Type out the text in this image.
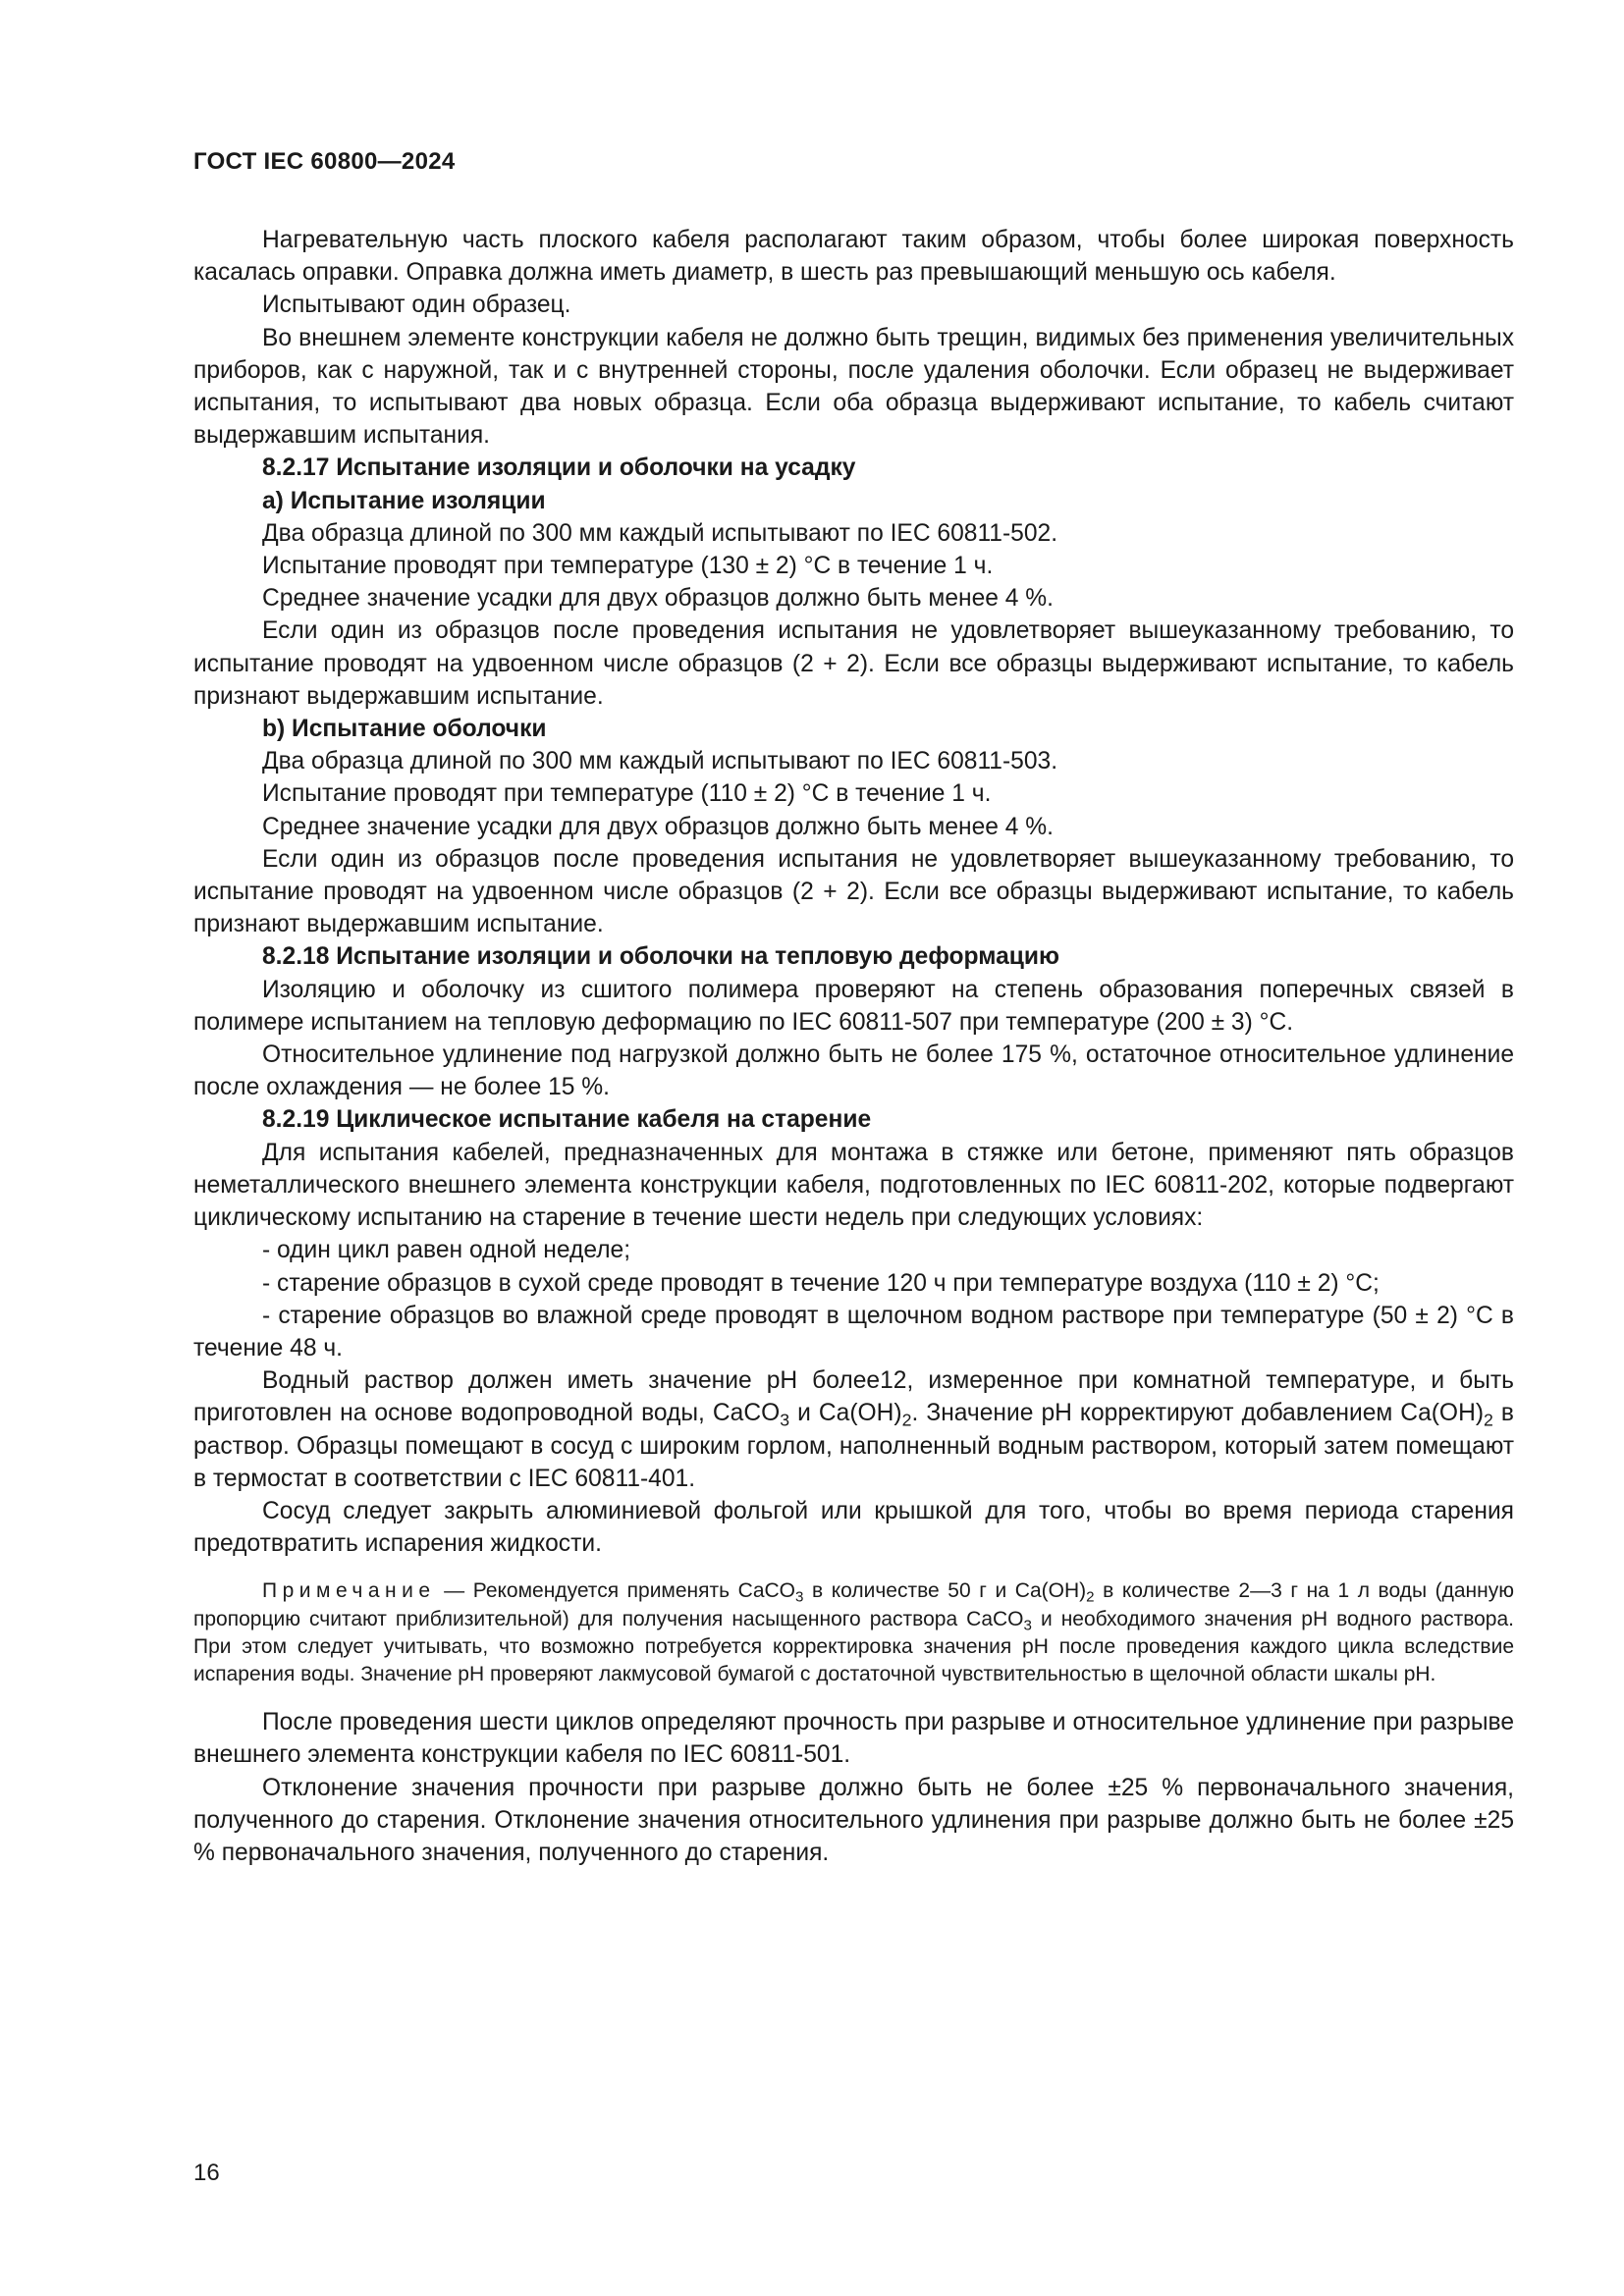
ГОСТ IEC 60800—2024

Нагревательную часть плоского кабеля располагают таким образом, чтобы более широкая поверхность касалась оправки. Оправка должна иметь диаметр, в шесть раз превышающий меньшую ось кабеля.

Испытывают один образец.

Во внешнем элементе конструкции кабеля не должно быть трещин, видимых без применения увеличительных приборов, как с наружной, так и с внутренней стороны, после удаления оболочки. Если образец не выдерживает испытания, то испытывают два новых образца. Если оба образца выдерживают испытание, то кабель считают выдержавшим испытания.

8.2.17 Испытание изоляции и оболочки на усадку

a) Испытание изоляции

Два образца длиной по 300 мм каждый испытывают по IEC 60811-502.

Испытание проводят при температуре (130 ± 2) °С в течение 1 ч.

Среднее значение усадки для двух образцов должно быть менее 4 %.

Если один из образцов после проведения испытания не удовлетворяет вышеуказанному требованию, то испытание проводят на удвоенном числе образцов (2 + 2). Если все образцы выдерживают испытание, то кабель признают выдержавшим испытание.

b) Испытание оболочки

Два образца длиной по 300 мм каждый испытывают по IEC 60811-503.

Испытание проводят при температуре (110 ± 2) °С в течение 1 ч.

Среднее значение усадки для двух образцов должно быть менее 4 %.

Если один из образцов после проведения испытания не удовлетворяет вышеуказанному требованию, то испытание проводят на удвоенном числе образцов (2 + 2). Если все образцы выдерживают испытание, то кабель признают выдержавшим испытание.

8.2.18 Испытание изоляции и оболочки на тепловую деформацию

Изоляцию и оболочку из сшитого полимера проверяют на степень образования поперечных связей в полимере испытанием на тепловую деформацию по IEC 60811-507 при температуре (200 ± 3) °С.

Относительное удлинение под нагрузкой должно быть не более 175 %, остаточное относительное удлинение после охлаждения — не более 15 %.

8.2.19 Циклическое испытание кабеля на старение

Для испытания кабелей, предназначенных для монтажа в стяжке или бетоне, применяют пять образцов неметаллического внешнего элемента конструкции кабеля, подготовленных по IEC 60811-202, которые подвергают циклическому испытанию на старение в течение шести недель при следующих условиях:

- один цикл равен одной неделе;

- старение образцов в сухой среде проводят в течение 120 ч при температуре воздуха (110 ± 2) °С;

- старение образцов во влажной среде проводят в щелочном водном растворе при температуре (50 ± 2) °С в течение 48 ч.

Водный раствор должен иметь значение pH более12, измеренное при комнатной температуре, и быть приготовлен на основе водопроводной воды, CaCO$_3$ и $Ca(OH)_2$. Значение pH корректируют добавлением $Ca(OH)_2$ в раствор. Образцы помещают в сосуд с широким горлом, наполненный водным раствором, который затем помещают в термостат в соответствии с IEC 60811-401.

Сосуд следует закрыть алюминиевой фольгой или крышкой для того, чтобы во время периода старения предотвратить испарения жидкости.

Примечание — Рекомендуется применять CaCO$_3$ в количестве 50 г и $Ca(OH)_2$ в количестве 2—3 г на 1 л воды (данную пропорцию считают приблизительной) для получения насыщенного раствора CaCO$_3$ и необходимого значения pH водного раствора. При этом следует учитывать, что возможно потребуется корректировка значения pH после проведения каждого цикла вследствие испарения воды. Значение pH проверяют лакмусовой бумагой с достаточной чувствительностью в щелочной области шкалы pH.

После проведения шести циклов определяют прочность при разрыве и относительное удлинение при разрыве внешнего элемента конструкции кабеля по IEC 60811-501.

Отклонение значения прочности при разрыве должно быть не более ±25 % первоначального значения, полученного до старения. Отклонение значения относительного удлинения при разрыве должно быть не более ±25 % первоначального значения, полученного до старения.

16
